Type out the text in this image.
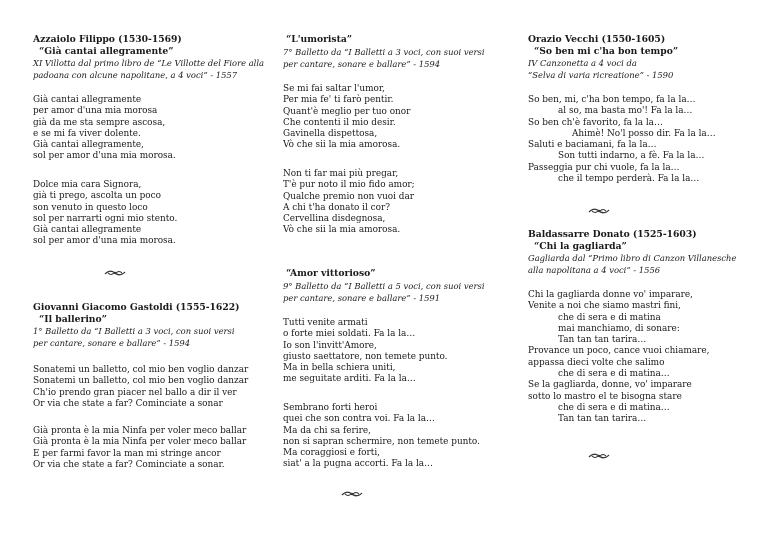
Azzaiolo Filippo (1530-1569)
“Già cantai allegramente”
XI Villotta dal primo libro de “Le Villotte del Fiore alla
padoana con alcune napolitane, a 4 voci” - 1557
Già cantai allegramente
per amor d'una mia morosa
già da me sta sempre ascosa,
e se mi fa viver dolente.
Già cantai allegramente,
sol per amor d'una mia morosa.
Dolce mia cara Signora,
già ti prego, ascolta un poco
son venuto in questo loco
sol per narrarti ogni mio stento.
Già cantai allegramente
sol per amor d'una mia morosa.
Giovanni Giacomo Gastoldi (1555-1622)
“Il ballerino”
1° Balletto da “I Balletti a 3 voci, con suoi versi
per cantare, sonare e ballare” - 1594
Sonatemi un balletto, col mio ben voglio danzar
Sonatemi un balletto, col mio ben voglio danzar
Ch'io prendo gran piacer nel ballo a dir il ver
Or via che state a far? Cominciate a sonar
Già pronta è la mia Ninfa per voler meco ballar
Già pronta è la mia Ninfa per voler meco ballar
E per farmi favor la man mi stringe ancor
Or via che state a far? Cominciate a sonar.
“L'umorista”
7° Balletto da “I Balletti a 3 voci, con suoi versi
per cantare, sonare e ballare” - 1594
Se mi fai saltar l'umor,
Per mia fe' ti farò pentir.
Quant'è meglio per tuo onor
Che contenti il mio desir.
Gavinella dispettosa,
Vò che sii la mia amorosa.
Non ti far mai più pregar,
T'è pur noto il mio fido amor;
Qualche premio non vuoi dar
A chi t'ha donato il cor?
Cervellina disdegnosa,
Vò che sii la mia amorosa.
“Amor vittorioso”
9° Balletto da “I Balletti a 5 voci, con suoi versi
per cantare, sonare e ballare” - 1591
Tutti venite armati
o forte miei soldati. Fa la la…
Io son l'invitt'Amore,
giusto saettatore, non temete punto.
Ma in bella schiera uniti,
me seguitate arditi. Fa la la…
Sembrano forti heroi
quei che son contra voi. Fa la la…
Ma da chi sa ferire,
non si sapran schermire, non temete punto.
Ma coraggiosi e forti,
siat' a la pugna accorti. Fa la la…
Orazio Vecchi (1550-1605)
“So ben mi c'ha bon tempo”
IV Canzonetta a 4 voci da
“Selva di varia ricreatione” - 1590
So ben, mi, c'ha bon tempo, fa la la…
al so, ma basta mo'! Fa la la…
So ben ch'è favorito, fa la la…
Ahimè! No'l posso dir. Fa la la…
Saluti e baciamani, fa la la…
Son tutti indarno, a fè. Fa la la…
Passeggia pur chi vuole, fa la la…
che il tempo perderà. Fa la la…
Baldassarre Donato (1525-1603)
“Chi la gagliarda”
Gagliarda dal “Primo libro di Canzon Villanesche
alla napolitana a 4 voci” - 1556
Chi la gagliarda donne vo' imparare,
Venite a noi che siamo mastri fini,
che di sera e di matina
mai manchiamo, di sonare:
Tan tan tan tarira…
Provance un poco, cance vuoi chiamare,
appassa dieci volte che salimo
che di sera e di matina…
Se la gagliarda, donne, vo' imparare
sotto lo mastro el te bisogna stare
che di sera e di matina…
Tan tan tan tarira…
